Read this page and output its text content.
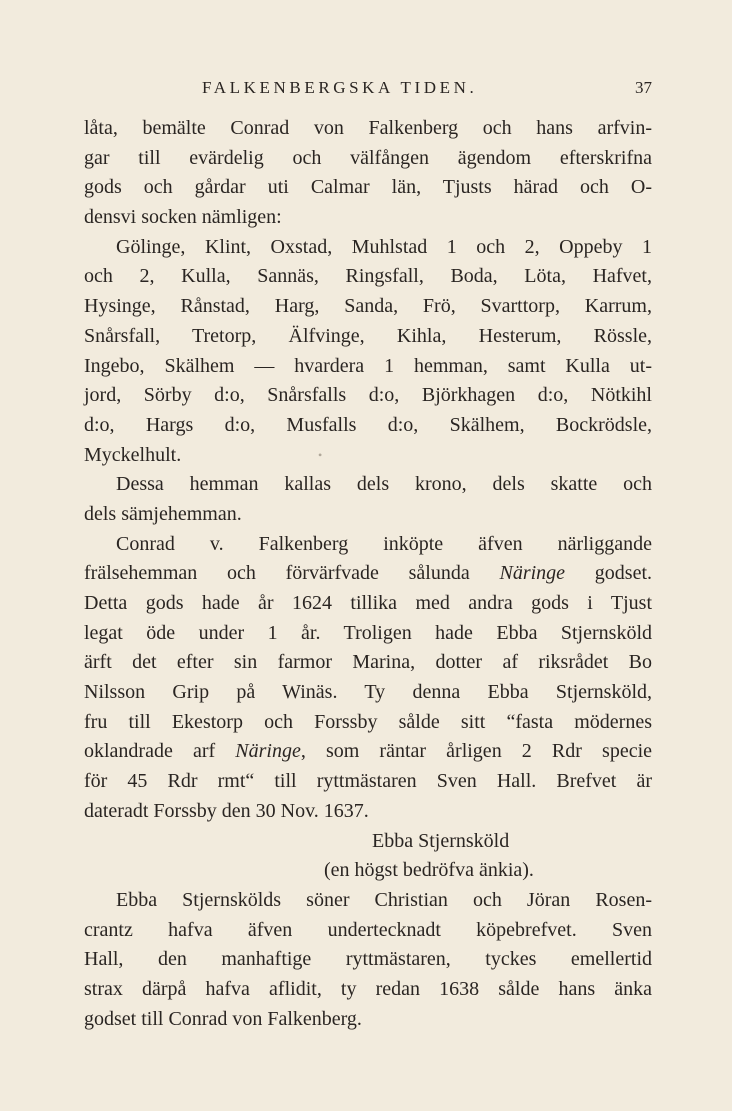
FALKENBERGSKA TIDEN.	37
låta, bemälte Conrad von Falkenberg och hans arfvin-
gar till evärdelig och välfången ägendom efterskrifna
gods och gårdar uti Calmar län, Tjusts härad och O-
densvi socken nämligen:
Gölinge, Klint, Oxstad, Muhlstad 1 och 2, Oppeby 1
och 2, Kulla, Sannäs, Ringsfall, Boda, Löta, Hafvet,
Hysinge, Rånstad, Harg, Sanda, Frö, Svarttorp, Karrum,
Snårsfall, Tretorp, Älfvinge, Kihla, Hesterum, Rössle,
Ingebo, Skälhem — hvardera 1 hemman, samt Kulla ut-
jord, Sörby d:o, Snårsfalls d:o, Björkhagen d:o, Nötkihl
d:o, Hargs d:o, Musfalls d:o, Skälhem, Bockrödsle,
Myckelhult.
Dessa hemman kallas dels krono, dels skatte och
dels sämjehemman.
Conrad v. Falkenberg inköpte äfven närliggande
frälsehemman och förvärfvade sålunda Näringe godset.
Detta gods hade år 1624 tillika med andra gods i Tjust
legat öde under 1 år. Troligen hade Ebba Stjernsköld
ärft det efter sin farmor Marina, dotter af riksrådet Bo
Nilsson Grip på Winäs. Ty denna Ebba Stjernsköld,
fru till Ekestorp och Forssby sålde sitt “fasta mödernes
oklandrade arf Näringe, som räntar årligen 2 Rdr specie
för 45 Rdr rmt“ till ryttmästaren Sven Hall. Brefvet är
dateradt Forssby den 30 Nov. 1637.
Ebba Stjernsköld
(en högst bedröfva änkia).
Ebba Stjernskölds söner Christian och Jöran Rosen-
crantz hafva äfven undertecknadt köpebrefvet. Sven
Hall, den manhaftige ryttmästaren, tyckes emellertid
strax därpå hafva aflidit, ty redan 1638 sålde hans änka
godset till Conrad von Falkenberg.
•
